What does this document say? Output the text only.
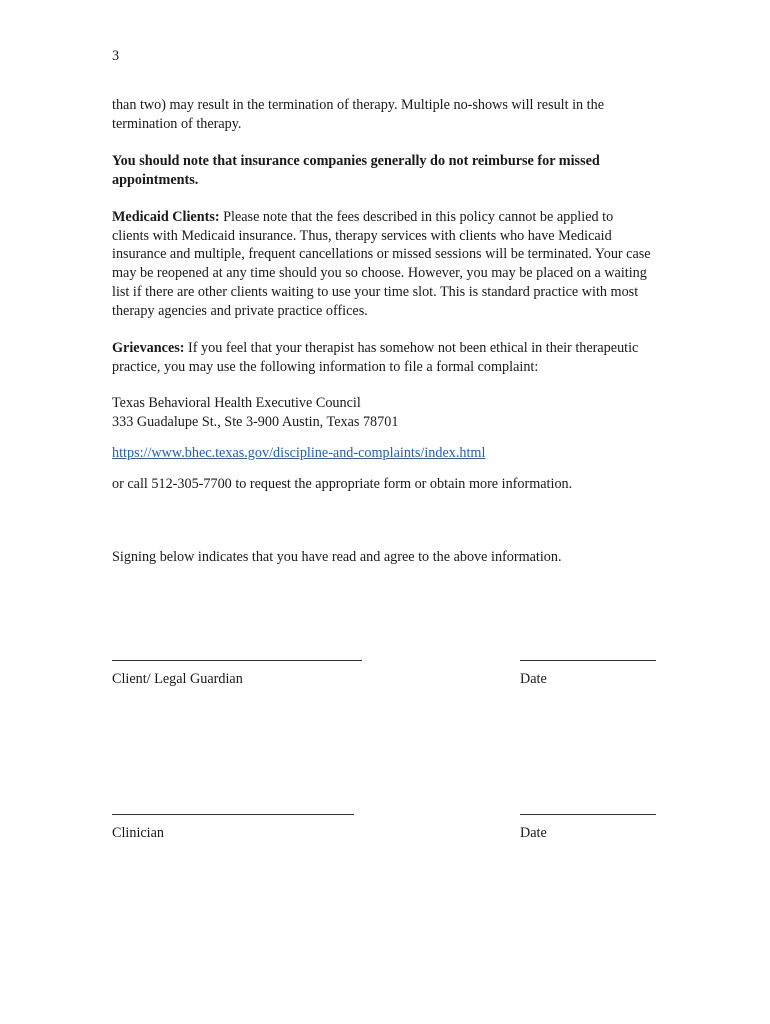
3

than two) may result in the termination of therapy. Multiple no-shows will result in the termination of therapy.

You should note that insurance companies generally do not reimburse for missed appointments.

Medicaid Clients: Please note that the fees described in this policy cannot be applied to clients with Medicaid insurance. Thus, therapy services with clients who have Medicaid insurance and multiple, frequent cancellations or missed sessions will be terminated. Your case may be reopened at any time should you so choose. However, you may be placed on a waiting list if there are other clients waiting to use your time slot. This is standard practice with most therapy agencies and private practice offices.

Grievances: If you feel that your therapist has somehow not been ethical in their therapeutic practice, you may use the following information to file a formal complaint:

Texas Behavioral Health Executive Council
333 Guadalupe St., Ste 3-900 Austin, Texas 78701
https://www.bhec.texas.gov/discipline-and-complaints/index.html
or call 512-305-7700 to request the appropriate form or obtain more information.
Signing below indicates that you have read and agree to the above information.
Client/ Legal Guardian	Date
Clinician	Date
